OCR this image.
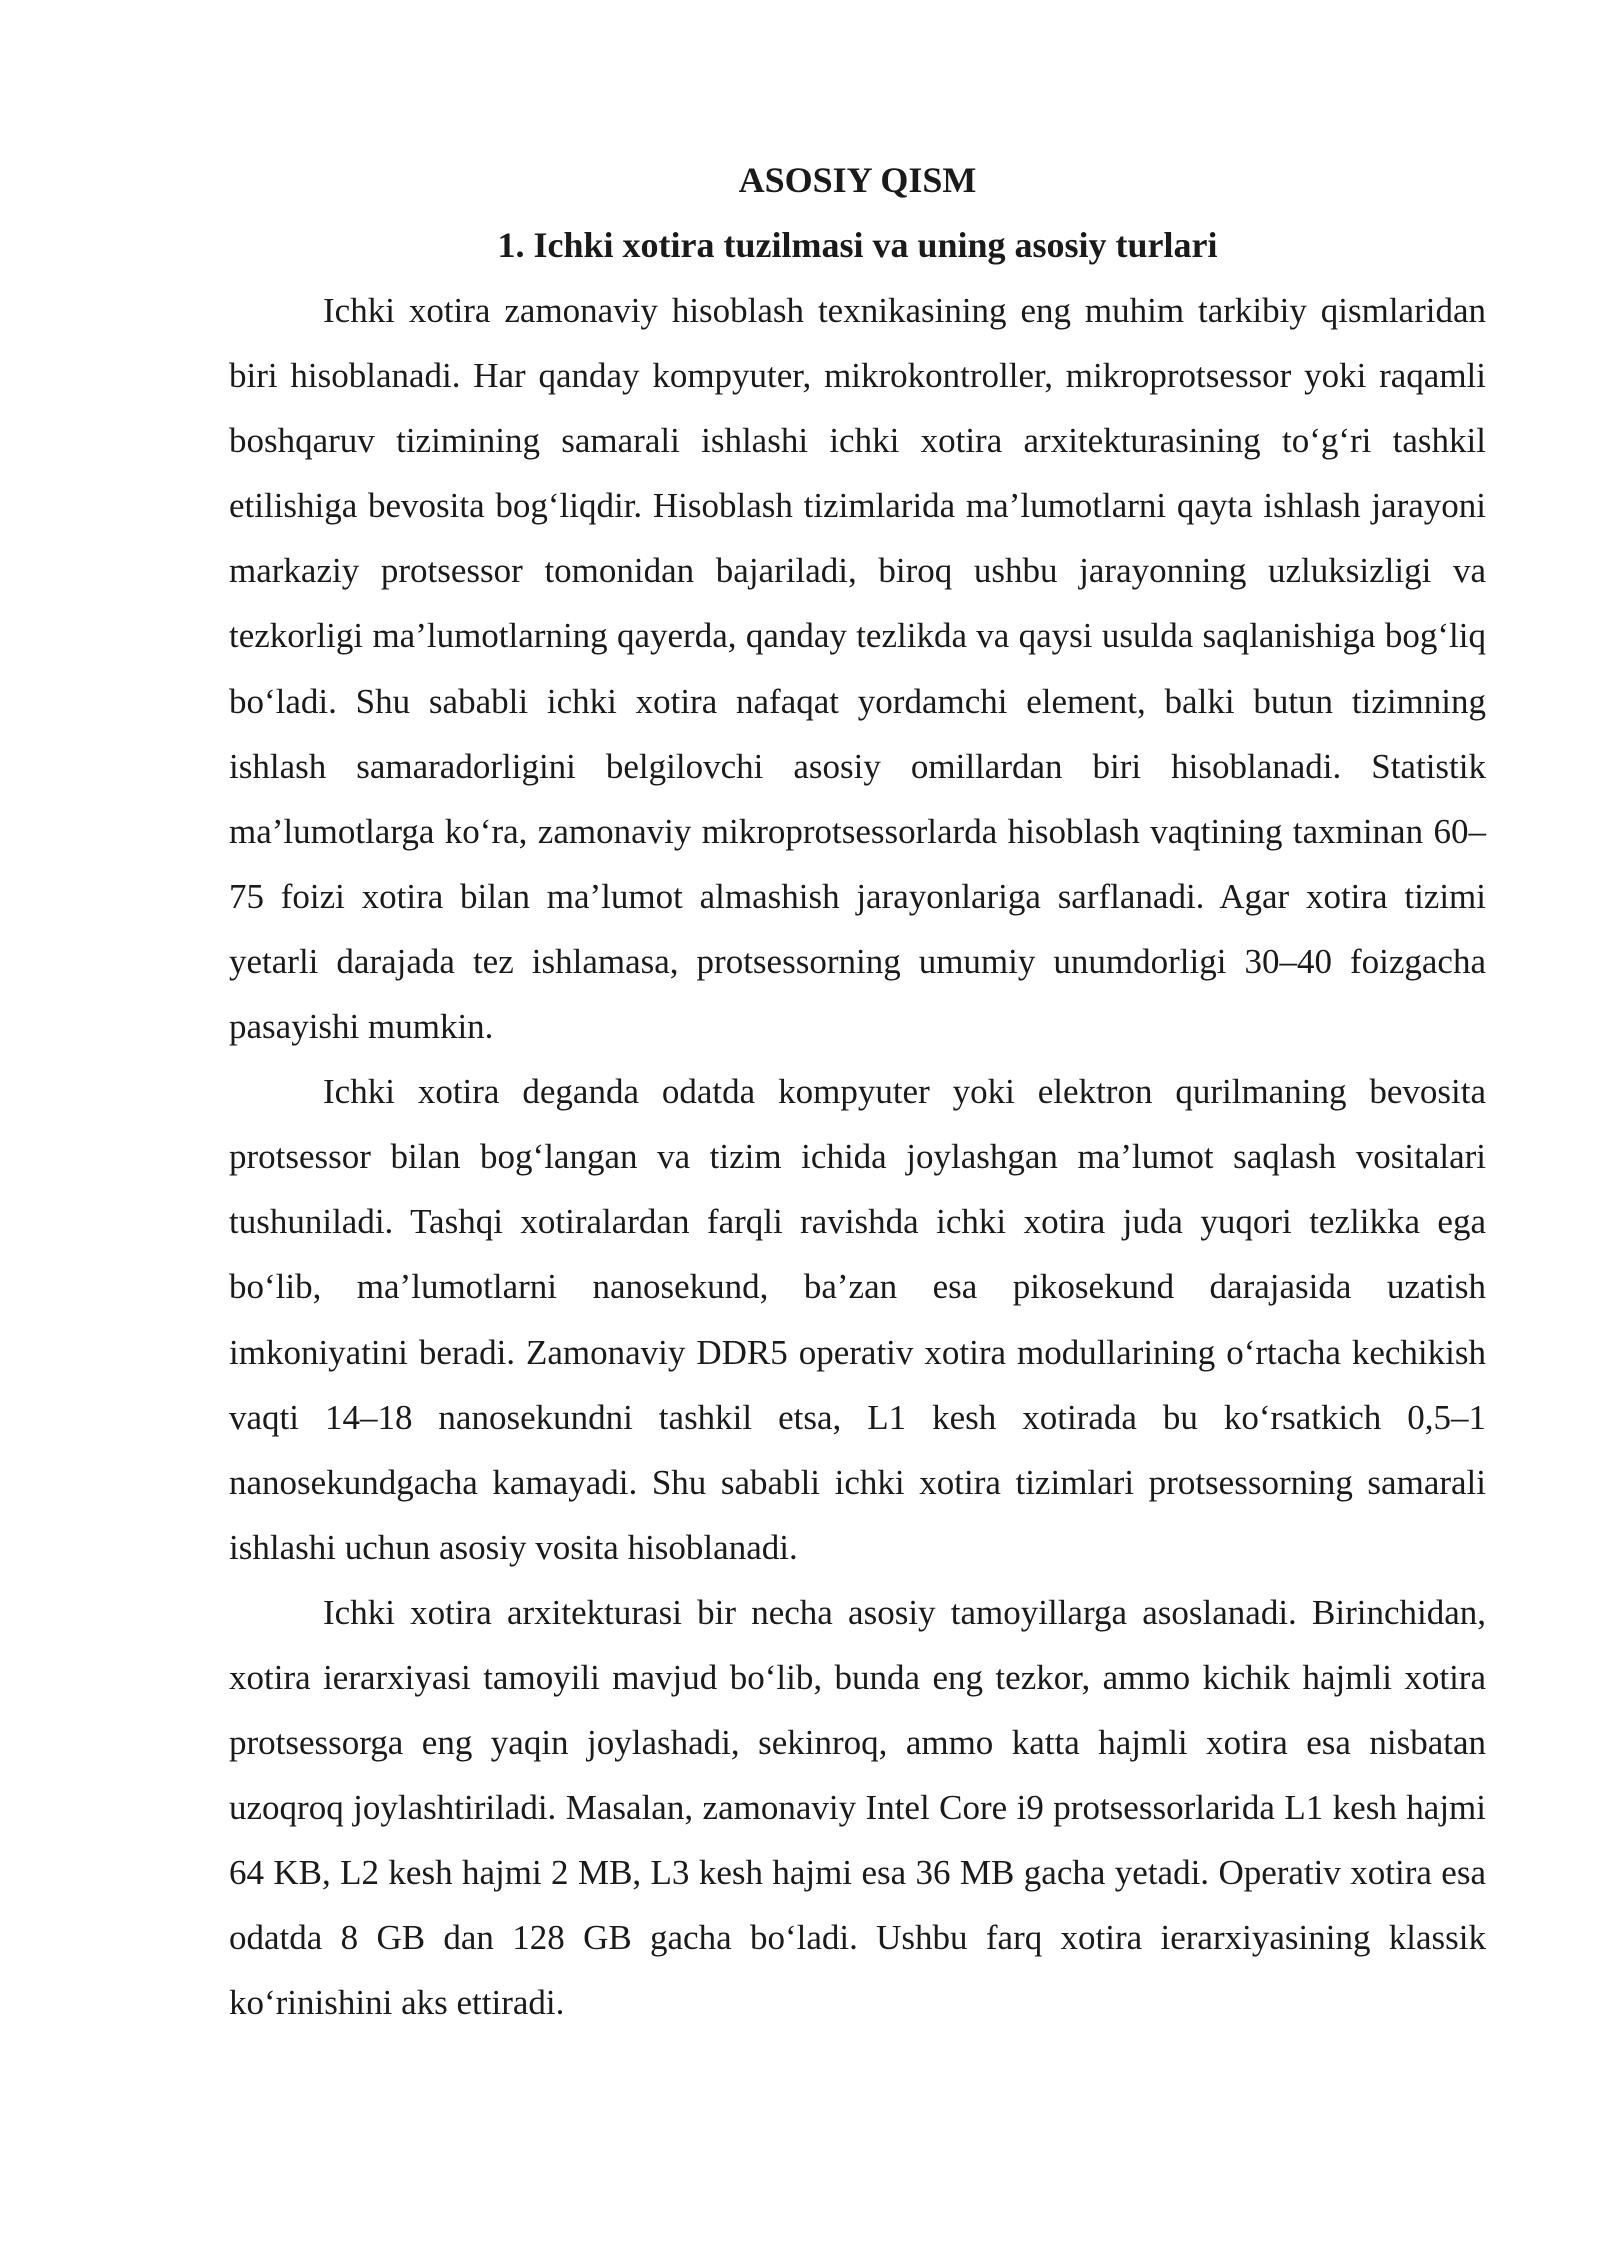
ASOSIY QISM
1. Ichki xotira tuzilmasi va uning asosiy turlari

Ichki xotira zamonaviy hisoblash texnikasining eng muhim tarkibiy qismlaridan biri hisoblanadi. Har qanday kompyuter, mikrokontroller, mikroprotsessor yoki raqamli boshqaruv tizimining samarali ishlashi ichki xotira arxitekturasining to‘g‘ri tashkil etilishiga bevosita bog‘liqdir. Hisoblash tizimlarida ma’lumotlarni qayta ishlash jarayoni markaziy protsessor tomonidan bajariladi, biroq ushbu jarayonning uzluksizligi va tezkorligi ma’lumotlarning qayerda, qanday tezlikda va qaysi usulda saqlanishiga bog‘liq bo‘ladi. Shu sababli ichki xotira nafaqat yordamchi element, balki butun tizimning ishlash samaradorligini belgilovchi asosiy omillardan biri hisoblanadi. Statistik ma’lumotlarga ko‘ra, zamonaviy mikroprotsessorlarda hisoblash vaqtining taxminan 60–75 foizi xotira bilan ma’lumot almashish jarayonlariga sarflanadi. Agar xotira tizimi yetarli darajada tez ishlamasa, protsessorning umumiy unumdorligi 30–40 foizgacha pasayishi mumkin.

Ichki xotira deganda odatda kompyuter yoki elektron qurilmaning bevosita protsessor bilan bog‘langan va tizim ichida joylashgan ma’lumot saqlash vositalari tushuniladi. Tashqi xotiralardan farqli ravishda ichki xotira juda yuqori tezlikka ega bo‘lib, ma’lumotlarni nanosekund, ba’zan esa pikosekund darajasida uzatish imkoniyatini beradi. Zamonaviy DDR5 operativ xotira modullarining o‘rtacha kechikish vaqti 14–18 nanosekundni tashkil etsa, L1 kesh xotirada bu ko‘rsatkich 0,5–1 nanosekundgacha kamayadi. Shu sababli ichki xotira tizimlari protsessorning samarali ishlashi uchun asosiy vosita hisoblanadi.

Ichki xotira arxitekturasi bir necha asosiy tamoyillarga asoslanadi. Birinchidan, xotira ierarxiyasi tamoyili mavjud bo‘lib, bunda eng tezkor, ammo kichik hajmli xotira protsessorga eng yaqin joylashadi, sekinroq, ammo katta hajmli xotira esa nisbatan uzoqroq joylashtiriladi. Masalan, zamonaviy Intel Core i9 protsessorlarida L1 kesh hajmi 64 KB, L2 kesh hajmi 2 MB, L3 kesh hajmi esa 36 MB gacha yetadi. Operativ xotira esa odatda 8 GB dan 128 GB gacha bo‘ladi. Ushbu farq xotira ierarxiyasining klassik ko‘rinishini aks ettiradi.
